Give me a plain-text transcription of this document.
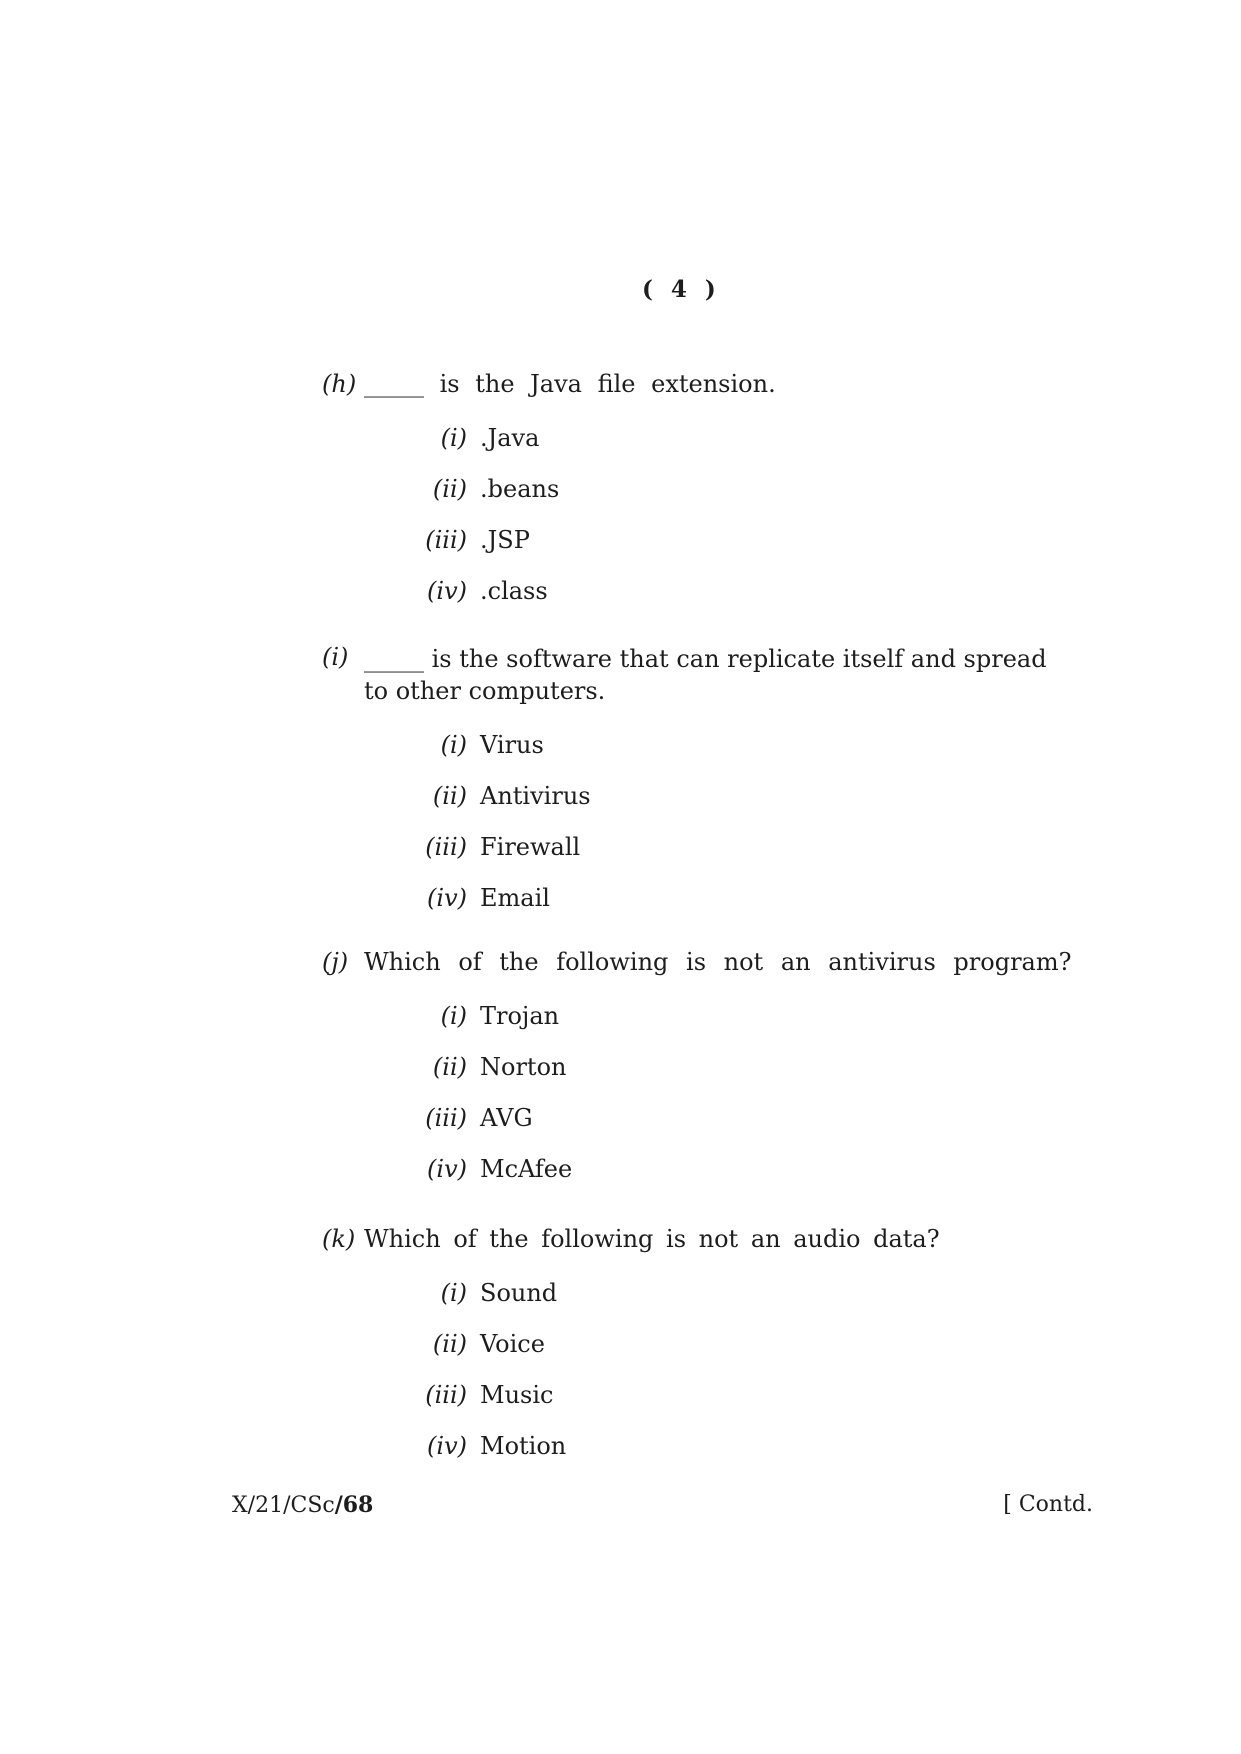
( 4 )
(h) _____ is the Java file extension.
(i) .Java
(ii) .beans
(iii) .JSP
(iv) .class
(i) _____ is the software that can replicate itself and spread
to other computers.
(i) Virus
(ii) Antivirus
(iii) Firewall
(iv) Email
(j) Which of the following is not an antivirus program?
(i) Trojan
(ii) Norton
(iii) AVG
(iv) McAfee
(k) Which of the following is not an audio data?
(i) Sound
(ii) Voice
(iii) Music
(iv) Motion
X/21/CSc/68	[ Contd.
